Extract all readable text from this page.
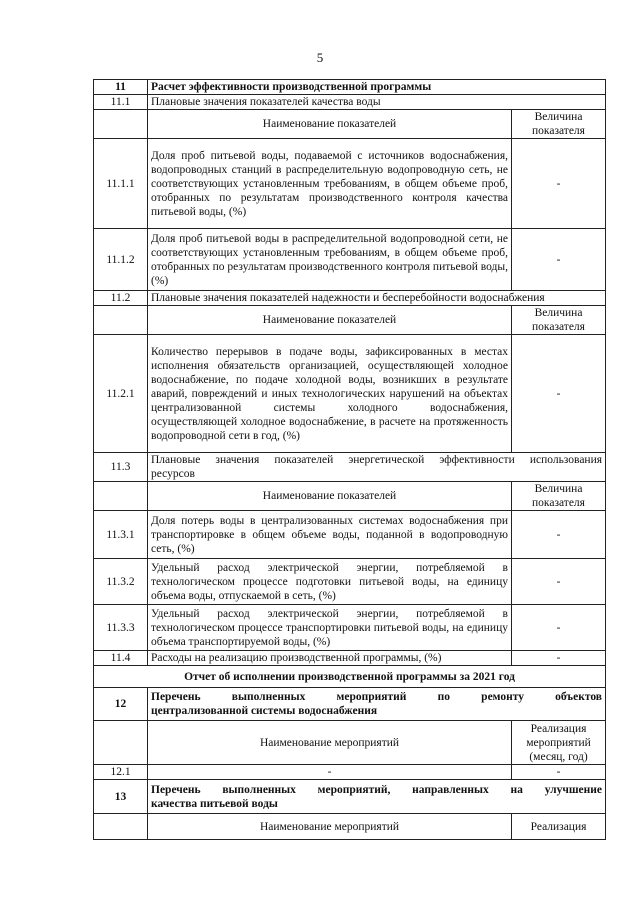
5
11	Расчет эффективности производственной программы	
11.1	Плановые значения показателей качества воды	
	Наименование показателей	Величина
показателя
11.1.1	Доля проб питьевой воды, подаваемой с источников водоснабжения, водопроводных станций в распределительную водопроводную сеть, не соответствующих установленным требованиям, в общем объеме проб, отобранных по результатам производственного контроля качества питьевой воды, (%)	-
11.1.2	Доля проб питьевой воды в распределительной водопроводной сети, не соответствующих установленным требованиям, в общем объеме проб, отобранных по результатам производственного контроля питьевой воды, (%)	-
11.2	Плановые значения показателей надежности и бесперебойности водоснабжения	
	Наименование показателей	Величина
показателя
11.2.1	Количество перерывов в подаче воды, зафиксированных в местах исполнения обязательств организацией, осуществляющей холодное водоснабжение, по подаче холодной воды, возникших в результате аварий, повреждений и иных технологических нарушений на объектах централизованной системы холодного водоснабжения, осуществляющей холодное водоснабжение, в расчете на протяженность водопроводной сети в год, (%)	-
11.3	Плановые значения показателей энергетической эффективности использования
ресурсов	
	Наименование показателей	Величина
показателя
11.3.1	Доля потерь воды в централизованных системах водоснабжения при транспортировке в общем объеме воды, поданной в водопроводную сеть, (%)	-
11.3.2	Удельный расход электрической энергии, потребляемой в технологическом процессе подготовки питьевой воды, на единицу объема воды, отпускаемой в сеть, (%)	-
11.3.3	Удельный расход электрической энергии, потребляемой в технологическом процессе транспортировки питьевой воды, на единицу объема транспортируемой воды, (%)	-
11.4	Расходы на реализацию производственной программы, (%)	-
Отчет об исполнении производственной программы за 2021 год		
12	Перечень выполненных мероприятий по ремонту объектов
централизованной системы водоснабжения	
	Наименование мероприятий	Реализация
мероприятий
(месяц, год)
12.1	-	-
13	Перечень выполненных мероприятий, направленных на улучшение
качества питьевой воды	
	Наименование мероприятий	Реализация
